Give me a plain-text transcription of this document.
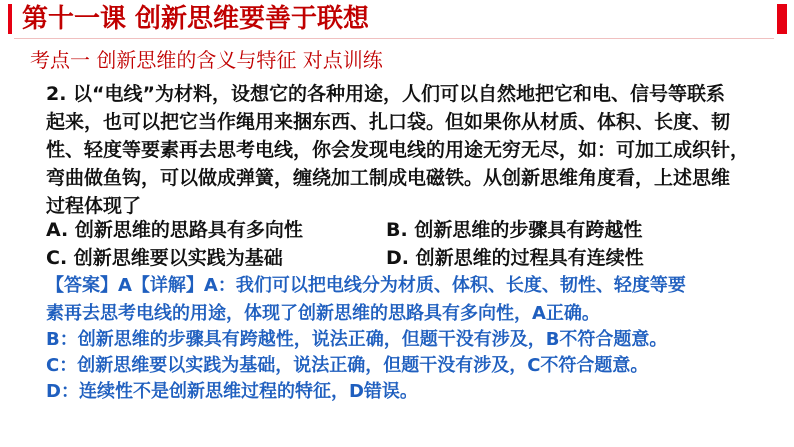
第十一课 创新思维要善于联想
考点一 创新思维的含义与特征 对点训练
2. 以“电线”为材料，设想它的各种用途，人们可以自然地把它和电、信号等联系
起来，也可以把它当作绳用来捆东西、扎口袋。但如果你从材质、体积、长度、韧
性、轻度等要素再去思考电线，你会发现电线的用途无穷无尽，如：可加工成织针，
弯曲做鱼钩，可以做成弹簧，缠绕加工制成电磁铁。从创新思维角度看，上述思维
过程体现了
A. 创新思维的思路具有多向性	B. 创新思维的步骤具有跨越性
C. 创新思维要以实践为基础	D. 创新思维的过程具有连续性
【答案】A【详解】A：我们可以把电线分为材质、体积、长度、韧性、轻度等要
素再去思考电线的用途，体现了创新思维的思路具有多向性，A正确。
B：创新思维的步骤具有跨越性，说法正确，但题干没有涉及，B不符合题意。
C：创新思维要以实践为基础，说法正确，但题干没有涉及，C不符合题意。
D：连续性不是创新思维过程的特征，D错误。
